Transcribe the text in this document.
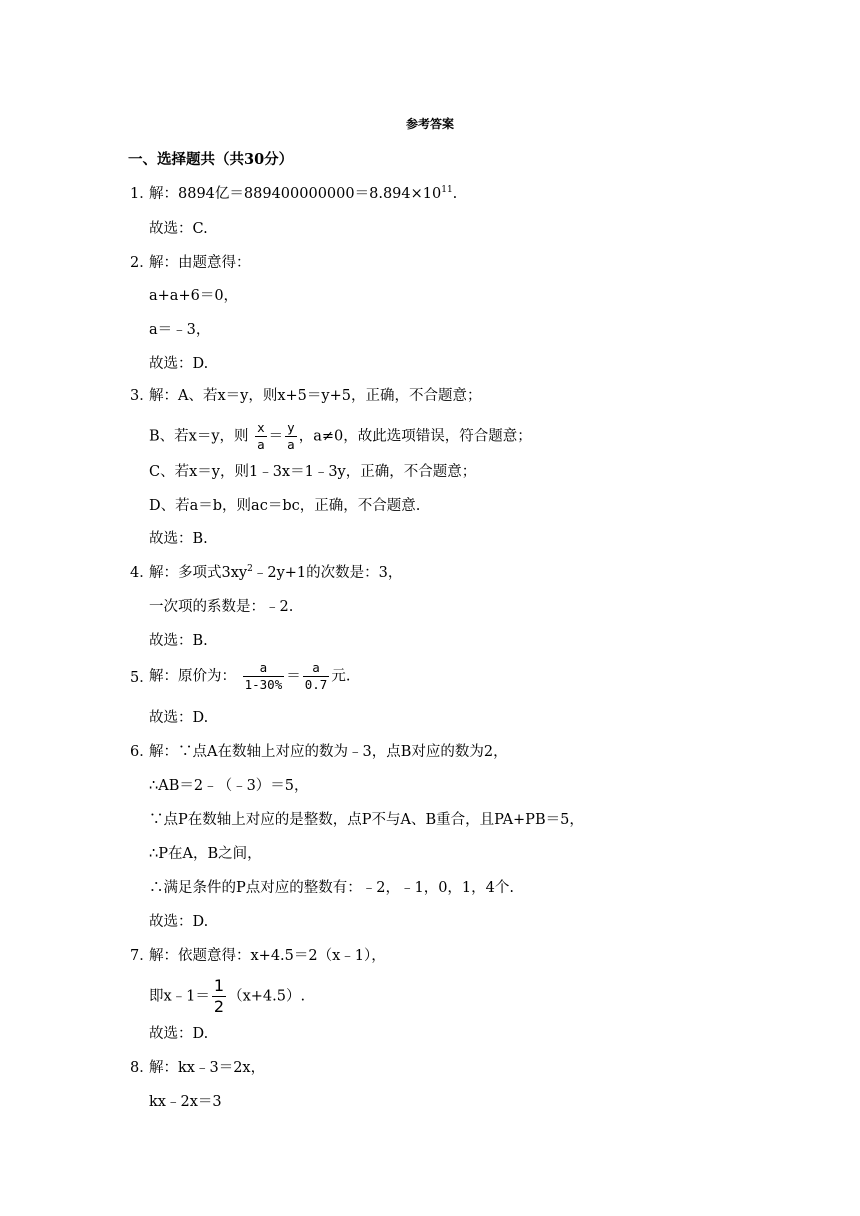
参考答案
一、选择题共（共30分）
1．
解：8894亿$=889400000000=8.894\times 10^{11}$.
故选：C.
2．
解：由题意得：
a+a+6＝0，
a＝﹣3，
故选：D.
3．
解：A、若x＝y，则x+5＝y+5，正确，不合题意；
B、若x＝y，则 $\frac{x}{a} = \frac{y}{a}$ ，a≠0，故此选项错误，符合题意；
C、若x＝y，则1﹣3x＝1﹣3y，正确，不合题意；
D、若a＝b，则ac＝bc，正确，不合题意.
故选：B.
4．
解：多项式$3xy^2﹣2y+1$的次数是：3，
一次项的系数是：﹣2.
故选：B.
5．
解：原价为： $\frac{a}{1-30\%} = \frac{a}{0.7}$ 元.
故选：D.
6．
解：∵点A在数轴上对应的数为﹣3，点B对应的数为2，
∴AB＝2﹣（﹣3）＝5，
∵点P在数轴上对应的是整数，点P不与A、B重合，且PA+PB＝5，
∴P在A，B之间，
∴满足条件的P点对应的整数有：﹣2，﹣1，0，1，4个.
故选：D.
7．
解：依题意得：x+4.5＝2（x﹣1），
即x﹣1＝ $\frac{1}{2} (x+4.5)$.
故选：D.
8．
解：kx﹣3＝2x，
kx﹣2x＝3
